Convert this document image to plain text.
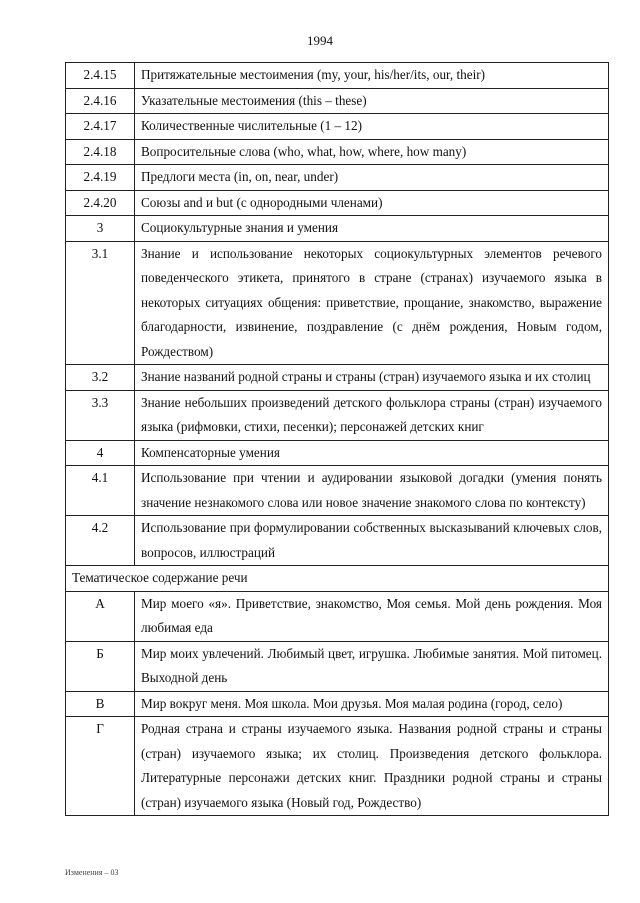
1994
2.4.15	Притяжательные местоимения (my, your, his/her/its, our, their)
2.4.16	Указательные местоимения (this – these)
2.4.17	Количественные числительные (1 – 12)
2.4.18	Вопросительные слова (who, what, how, where, how many)
2.4.19	Предлоги места (in, on, near, under)
2.4.20	Союзы and и but (с однородными членами)
3	Социокультурные знания и умения
3.1	Знание и использование некоторых социокультурных элементов речевого поведенческого этикета, принятого в стране (странах) изучаемого языка в некоторых ситуациях общения: приветствие, прощание, знакомство, выражение благодарности, извинение, поздравление (с днём рождения, Новым годом, Рождеством)
3.2	Знание названий родной страны и страны (стран) изучаемого языка и их столиц
3.3	Знание небольших произведений детского фольклора страны (стран) изучаемого языка (рифмовки, стихи, песенки); персонажей детских книг
4	Компенсаторные умения
4.1	Использование при чтении и аудировании языковой догадки (умения понять значение незнакомого слова или новое значение знакомого слова по контексту)
4.2	Использование при формулировании собственных высказываний ключевых слов, вопросов, иллюстраций
Тематическое содержание речи	
А	Мир моего «я». Приветствие, знакомство, Моя семья. Мой день рождения. Моя любимая еда
Б	Мир моих увлечений. Любимый цвет, игрушка. Любимые занятия. Мой питомец. Выходной день
В	Мир вокруг меня. Моя школа. Мои друзья. Моя малая родина (город, село)
Г	Родная страна и страны изучаемого языка. Названия родной страны и страны (стран) изучаемого языка; их столиц. Произведения детского фольклора. Литературные персонажи детских книг. Праздники родной страны и страны (стран) изучаемого языка (Новый год, Рождество)
Изменения – 03
